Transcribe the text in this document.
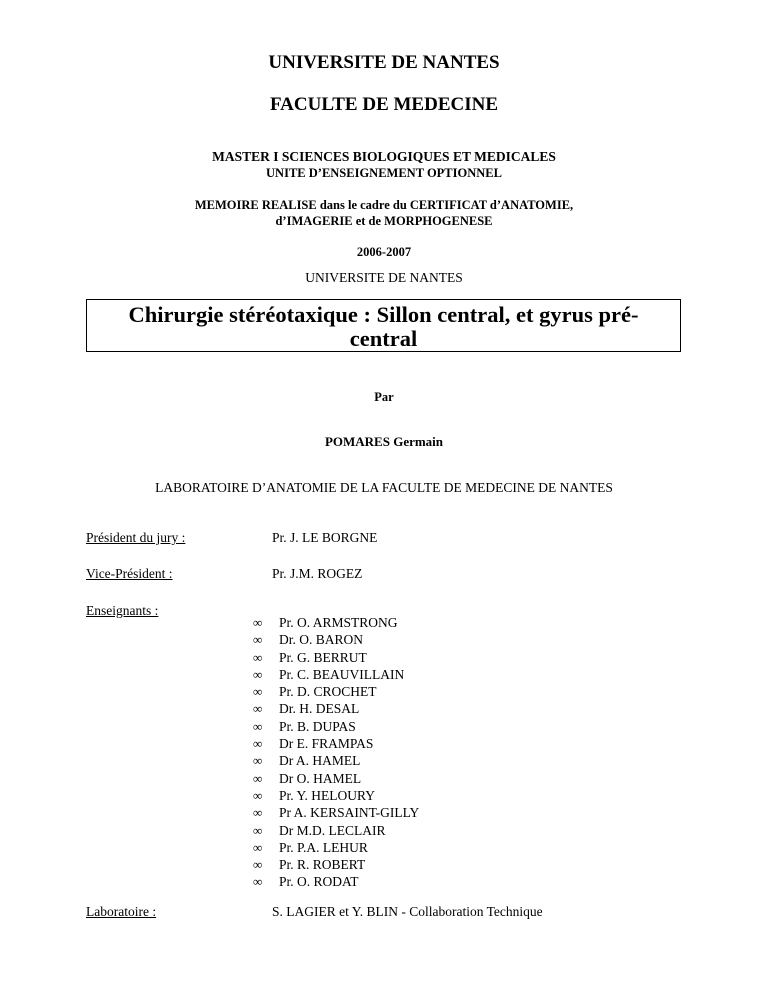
UNIVERSITE DE NANTES
FACULTE DE MEDECINE
MASTER I SCIENCES BIOLOGIQUES ET MEDICALES
UNITE D’ENSEIGNEMENT OPTIONNEL
MEMOIRE REALISE dans le cadre du CERTIFICAT d’ANATOMIE,
d’IMAGERIE et de MORPHOGENESE
2006-2007
UNIVERSITE DE NANTES
Chirurgie stéréotaxique : Sillon central, et gyrus pré-
central
Par
POMARES Germain
LABORATOIRE D’ANATOMIE DE LA FACULTE DE MEDECINE DE NANTES
Président du jury :	Pr. J. LE BORGNE
Vice-Président :	Pr. J.M. ROGEZ
Enseignants :
∞ Pr. O. ARMSTRONG
∞ Dr. O. BARON
∞ Pr. G. BERRUT
∞ Pr. C. BEAUVILLAIN
∞ Pr. D. CROCHET
∞ Dr. H. DESAL
∞ Pr. B. DUPAS
∞ Dr E. FRAMPAS
∞ Dr A. HAMEL
∞ Dr O. HAMEL
∞ Pr. Y. HELOURY
∞ Pr A. KERSAINT-GILLY
∞ Dr M.D. LECLAIR
∞ Pr. P.A. LEHUR
∞ Pr. R. ROBERT
∞ Pr. O. RODAT
Laboratoire :	S. LAGIER et Y. BLIN - Collaboration Technique
